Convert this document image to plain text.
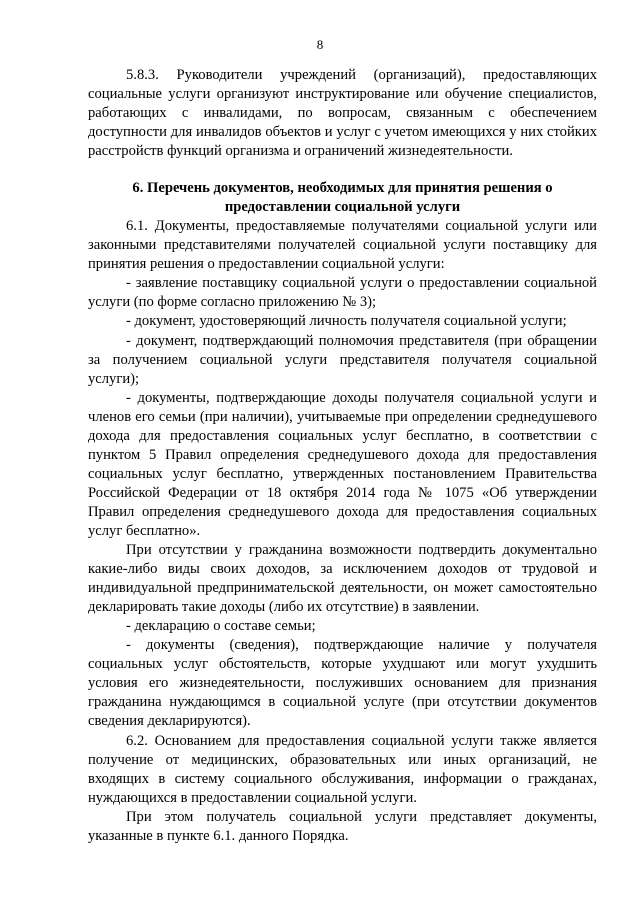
8

5.8.3. Руководители учреждений (организаций), предоставляющих социальные услуги организуют инструктирование или обучение специалистов, работающих с инвалидами, по вопросам, связанным с обеспечением доступности для инвалидов объектов и услуг с учетом имеющихся у них стойких расстройств функций организма и ограничений жизнедеятельности.

6. Перечень документов, необходимых для принятия решения о
предоставлении социальной услуги

6.1. Документы, предоставляемые получателями социальной услуги или законными представителями получателей социальной услуги поставщику для принятия решения о предоставлении социальной услуги:

- заявление поставщику социальной услуги о предоставлении социальной услуги (по форме согласно приложению № 3);

- документ, удостоверяющий личность получателя социальной услуги;

- документ, подтверждающий полномочия представителя (при обращении за получением социальной услуги представителя получателя социальной услуги);

- документы, подтверждающие доходы получателя социальной услуги и членов его семьи (при наличии), учитываемые при определении среднедушевого дохода для предоставления социальных услуг бесплатно, в соответствии с пунктом 5 Правил определения среднедушевого дохода для предоставления социальных услуг бесплатно, утвержденных постановлением Правительства Российской Федерации от 18 октября 2014 года № 1075 «Об утверждении Правил определения среднедушевого дохода для предоставления социальных услуг бесплатно».

При отсутствии у гражданина возможности подтвердить документально какие-либо виды своих доходов, за исключением доходов от трудовой и индивидуальной предпринимательской деятельности, он может самостоятельно декларировать такие доходы (либо их отсутствие) в заявлении.

- декларацию о составе семьи;

- документы (сведения), подтверждающие наличие у получателя социальных услуг обстоятельств, которые ухудшают или могут ухудшить условия его жизнедеятельности, послуживших основанием для признания гражданина нуждающимся в социальной услуге (при отсутствии документов сведения декларируются).

6.2. Основанием для предоставления социальной услуги также является получение от медицинских, образовательных или иных организаций, не входящих в систему социального обслуживания, информации о гражданах, нуждающихся в предоставлении социальной услуги.

При этом получатель социальной услуги представляет документы, указанные в пункте 6.1. данного Порядка.
